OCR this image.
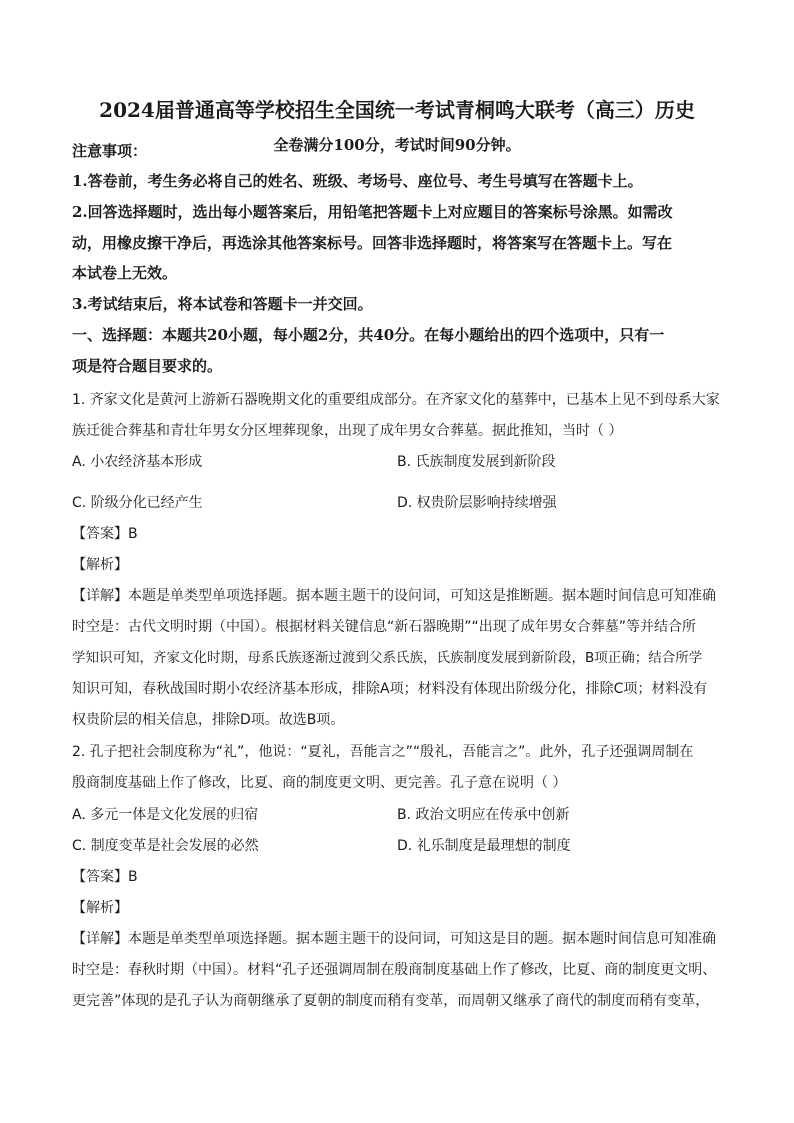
2024届普通高等学校招生全国统一考试青桐鸣大联考（高三）历史
全卷满分100分，考试时间90分钟。
注意事项：
1.答卷前，考生务必将自己的姓名、班级、考场号、座位号、考生号填写在答题卡上。
2.回答选择题时，选出每小题答案后，用铅笔把答题卡上对应题目的答案标号涂黑。如需改
动，用橡皮擦干净后，再选涂其他答案标号。回答非选择题时，将答案写在答题卡上。写在
本试卷上无效。
3.考试结束后，将本试卷和答题卡一并交回。
一、选择题：本题共20小题，每小题2分，共40分。在每小题给出的四个选项中，只有一
项是符合题目要求的。
1. 齐家文化是黄河上游新石器晚期文化的重要组成部分。在齐家文化的墓葬中，已基本上见不到母系大家
族迁徙合葬基和青壮年男女分区埋葬现象，出现了成年男女合葬墓。据此推知，当时（ ）
A. 小农经济基本形成	B. 氏族制度发展到新阶段
C. 阶级分化已经产生	D. 权贵阶层影响持续增强
【答案】B
【解析】
【详解】本题是单类型单项选择题。据本题主题干的设问词，可知这是推断题。据本题时间信息可知准确
时空是：古代文明时期（中国）。根据材料关键信息“新石器晚期”“出现了成年男女合葬墓”等并结合所
学知识可知，齐家文化时期，母系氏族逐渐过渡到父系氏族，氏族制度发展到新阶段，B项正确；结合所学
知识可知，春秋战国时期小农经济基本形成，排除A项；材料没有体现出阶级分化，排除C项；材料没有
权贵阶层的相关信息，排除D项。故选B项。
2. 孔子把社会制度称为“礼”，他说：“夏礼，吾能言之”“殷礼，吾能言之”。此外，孔子还强调周制在
殷商制度基础上作了修改，比夏、商的制度更文明、更完善。孔子意在说明（ ）
A. 多元一体是文化发展的归宿	B. 政治文明应在传承中创新
C. 制度变革是社会发展的必然	D. 礼乐制度是最理想的制度
【答案】B
【解析】
【详解】本题是单类型单项选择题。据本题主题干的设问词，可知这是目的题。据本题时间信息可知准确
时空是：春秋时期（中国）。材料“孔子还强调周制在殷商制度基础上作了修改，比夏、商的制度更文明、
更完善”体现的是孔子认为商朝继承了夏朝的制度而稍有变革，而周朝又继承了商代的制度而稍有变革，
